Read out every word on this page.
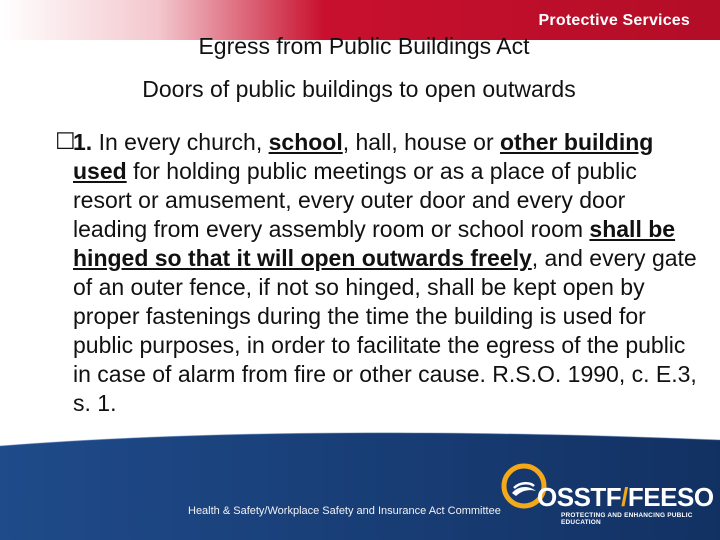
Protective Services
Egress from Public Buildings Act
Doors of public buildings to open outwards
☐

1. In every church, school, hall, house or other building used for holding public meetings or as a place of public resort or amusement, every outer door and every door leading from every assembly room or school room shall be hinged so that it will open outwards freely, and every gate of an outer fence, if not so hinged, shall be kept open by proper fastenings during the time the building is used for public purposes, in order to facilitate the egress of the public in case of alarm from fire or other cause. R.S.O. 1990, c. E.3, s. 1.

Health & Safety/Workplace Safety and Insurance Act Committee OSSTF/FEESO
PROTECTING AND ENHANCING PUBLIC EDUCATION
